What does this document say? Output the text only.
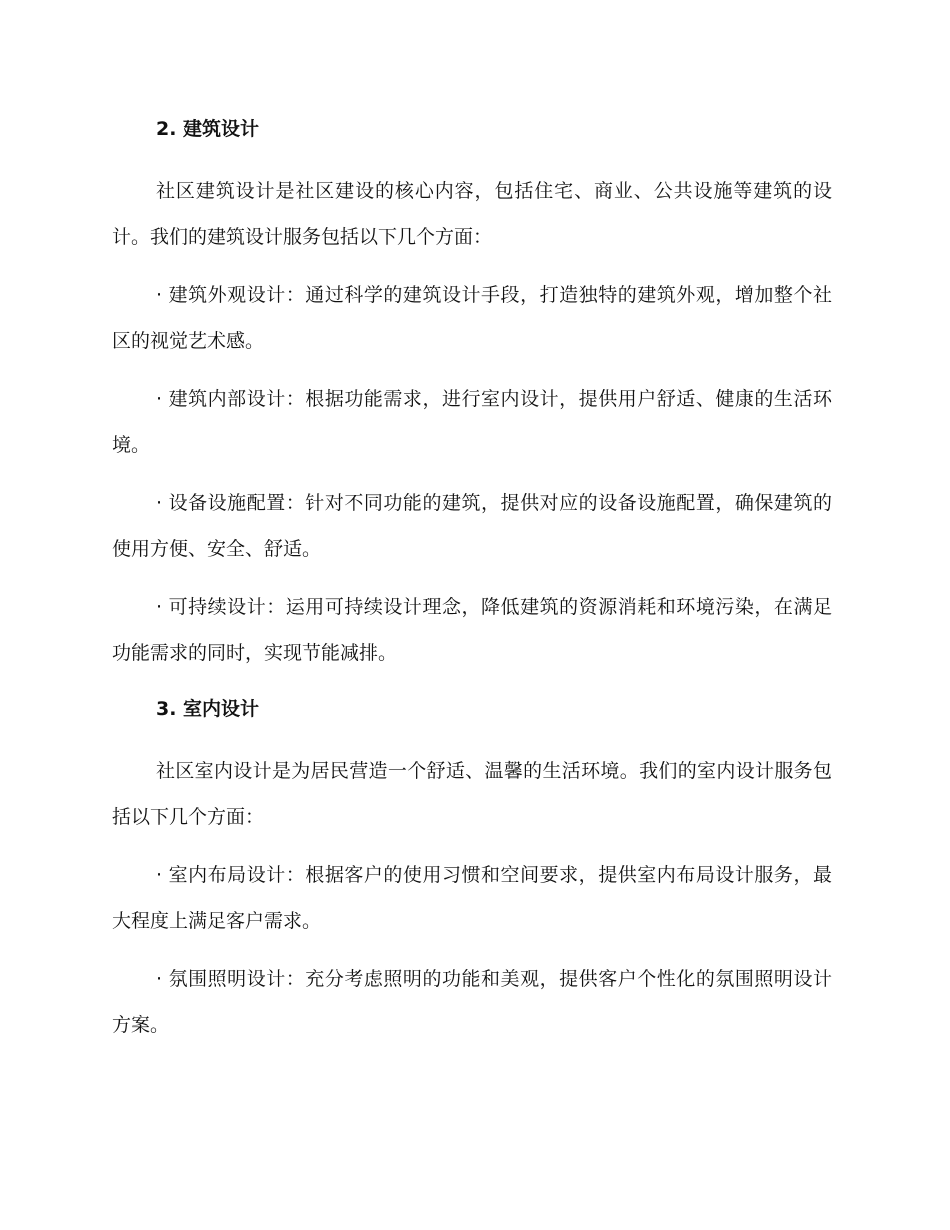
2. 建筑设计

社区建筑设计是社区建设的核心内容，包括住宅、商业、公共设施等建筑的设计。我们的建筑设计服务包括以下几个方面：

· 建筑外观设计：通过科学的建筑设计手段，打造独特的建筑外观，增加整个社区的视觉艺术感。

· 建筑内部设计：根据功能需求，进行室内设计，提供用户舒适、健康的生活环境。

· 设备设施配置：针对不同功能的建筑，提供对应的设备设施配置，确保建筑的使用方便、安全、舒适。

· 可持续设计：运用可持续设计理念，降低建筑的资源消耗和环境污染，在满足功能需求的同时，实现节能减排。

3. 室内设计

社区室内设计是为居民营造一个舒适、温馨的生活环境。我们的室内设计服务包括以下几个方面：

· 室内布局设计：根据客户的使用习惯和空间要求，提供室内布局设计服务，最大程度上满足客户需求。

· 氛围照明设计：充分考虑照明的功能和美观，提供客户个性化的氛围照明设计方案。
